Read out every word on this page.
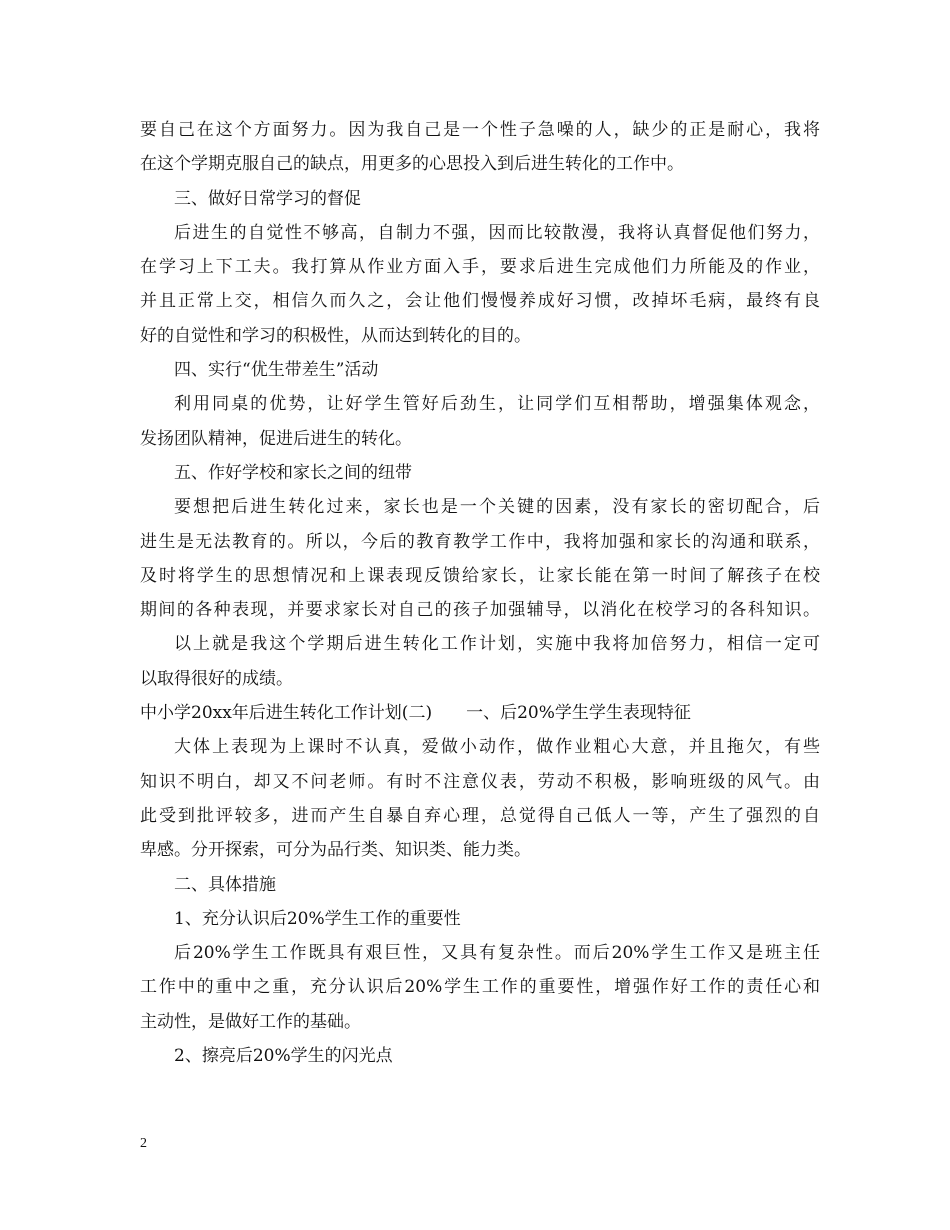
要自己在这个方面努力。因为我自己是一个性子急噪的人，缺少的正是耐心，我将
在这个学期克服自己的缺点，用更多的心思投入到后进生转化的工作中。
三、做好日常学习的督促
后进生的自觉性不够高，自制力不强，因而比较散漫，我将认真督促他们努力，
在学习上下工夫。我打算从作业方面入手，要求后进生完成他们力所能及的作业，
并且正常上交，相信久而久之，会让他们慢慢养成好习惯，改掉坏毛病，最终有良
好的自觉性和学习的积极性，从而达到转化的目的。
四、实行“优生带差生”活动
利用同桌的优势，让好学生管好后劲生，让同学们互相帮助，增强集体观念，
发扬团队精神，促进后进生的转化。
五、作好学校和家长之间的纽带
要想把后进生转化过来，家长也是一个关键的因素，没有家长的密切配合，后
进生是无法教育的。所以，今后的教育教学工作中，我将加强和家长的沟通和联系，
及时将学生的思想情况和上课表现反馈给家长，让家长能在第一时间了解孩子在校
期间的各种表现，并要求家长对自己的孩子加强辅导，以消化在校学习的各科知识。
以上就是我这个学期后进生转化工作计划，实施中我将加倍努力，相信一定可
以取得很好的成绩。
中小学20xx年后进生转化工作计划(二)　　一、后20%学生学生表现特征
大体上表现为上课时不认真，爱做小动作，做作业粗心大意，并且拖欠，有些
知识不明白，却又不问老师。有时不注意仪表，劳动不积极，影响班级的风气。由
此受到批评较多，进而产生自暴自弃心理，总觉得自己低人一等，产生了强烈的自
卑感。分开探索，可分为品行类、知识类、能力类。
二、具体措施
1、充分认识后20%学生工作的重要性
后20%学生工作既具有艰巨性，又具有复杂性。而后20%学生工作又是班主任
工作中的重中之重，充分认识后20%学生工作的重要性，增强作好工作的责任心和
主动性，是做好工作的基础。
2、擦亮后20%学生的闪光点
2
